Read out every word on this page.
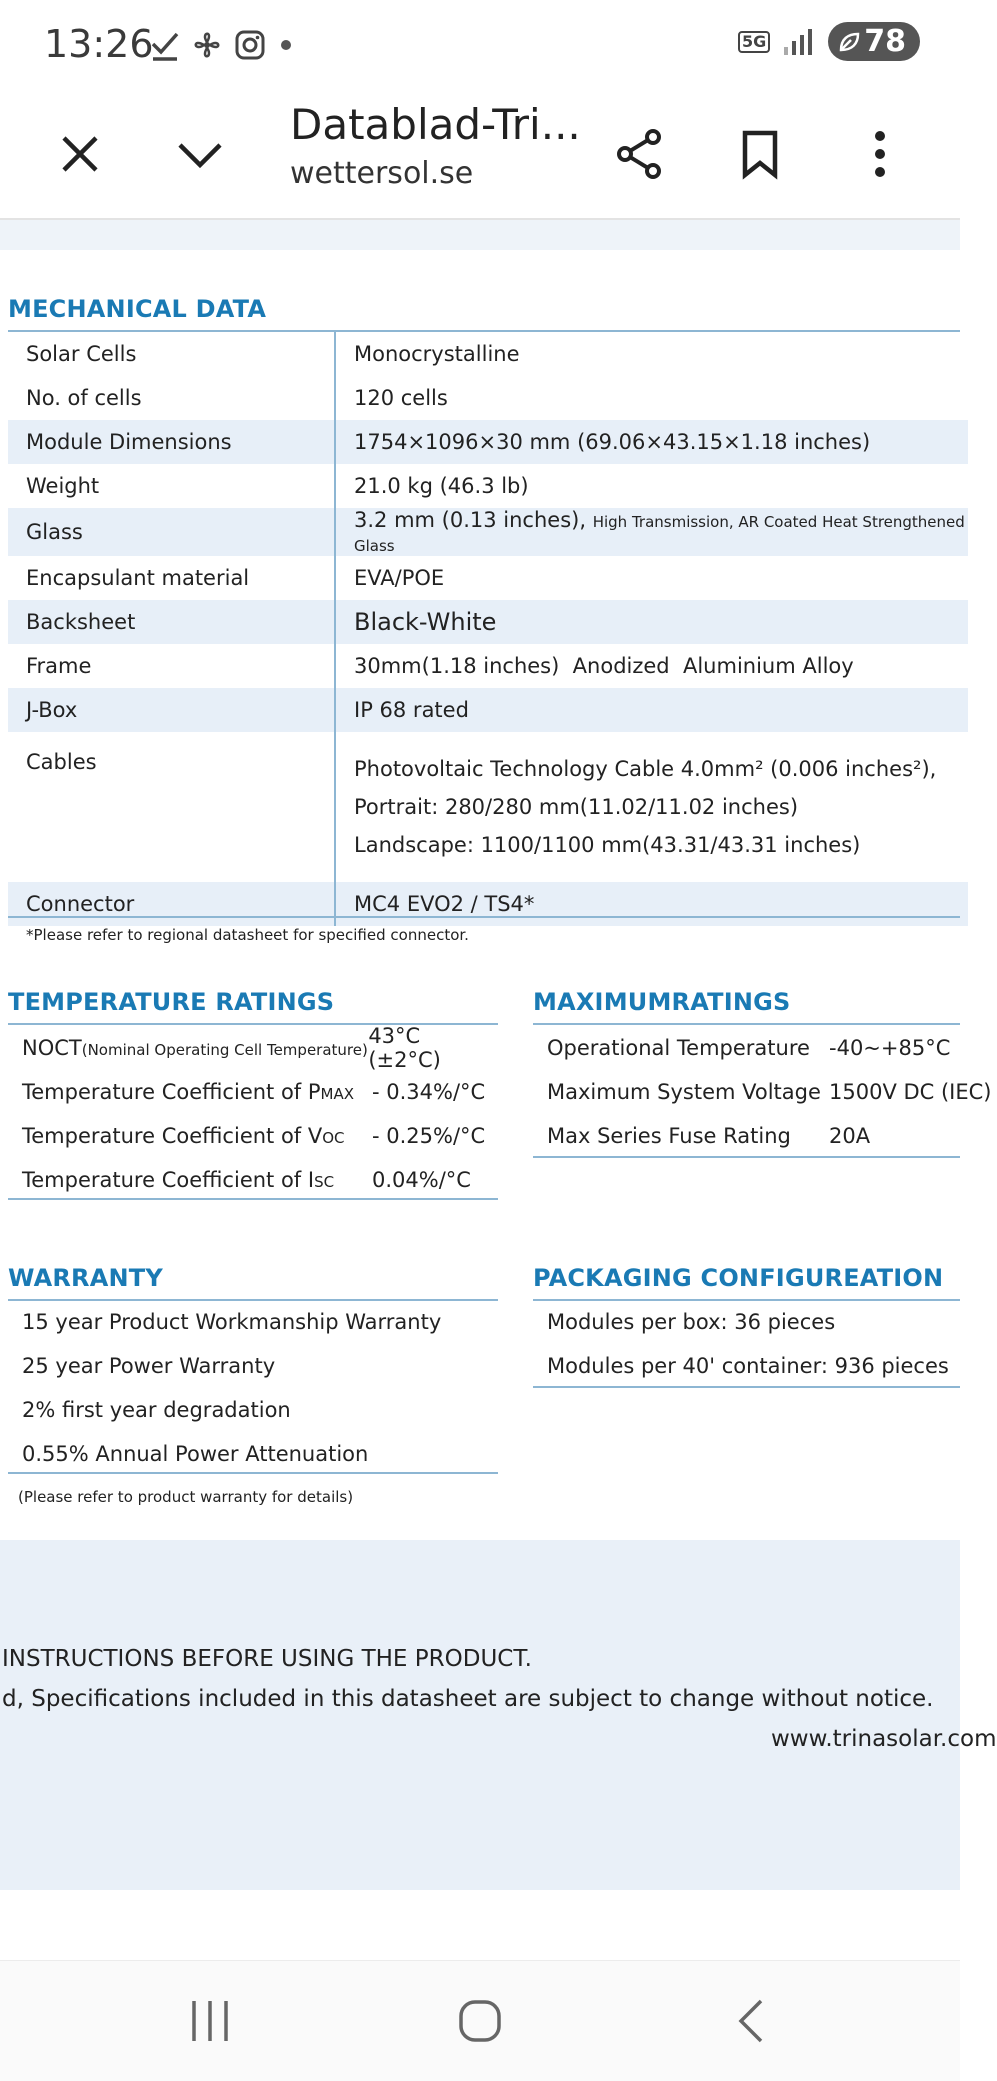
13:26	5G	78
Datablad-Tri...
wettersol.se
MECHANICAL DATA
Solar Cells	Monocrystalline
No. of cells	120 cells
Module Dimensions	1754×1096×30 mm (69.06×43.15×1.18 inches)
Weight	21.0 kg (46.3 lb)
Glass	3.2 mm (0.13 inches), High Transmission, AR Coated Heat Strengthened Glass
Encapsulant material	EVA/POE
Backsheet	Black-White
Frame	30mm(1.18 inches)  Anodized  Aluminium Alloy
J-Box	IP 68 rated
Cables	Photovoltaic Technology Cable 4.0mm² (0.006 inches²),
Portrait: 280/280 mm(11.02/11.02 inches)
Landscape: 1100/1100 mm(43.31/43.31 inches)

Connector	MC4 EVO2 / TS4*
*Please refer to regional datasheet for specified connector.
TEMPERATURE RATINGS
NOCT(Nominal Operating Cell Temperature)
43°C (±2°C)
Temperature Coefficient of PMAX - 0.34%/°C
Temperature Coefficient of VOC	- 0.25%/°C
Temperature Coefficient of ISC	0.04%/°C
MAXIMUMRATINGS
Operational Temperature -40~+85°C
Maximum System Voltage 1500V DC (IEC)
Max Series Fuse Rating	20A
WARRANTY
15 year Product Workmanship Warranty
25 year Power Warranty
2% first year degradation
0.55% Annual Power Attenuation
(Please refer to product warranty for details)
PACKAGING CONFIGUREATION
Modules per box: 36 pieces
Modules per 40' container: 936 pieces
INSTRUCTIONS BEFORE USING THE PRODUCT.
d, Specifications included in this datasheet are subject to change without notice.
www.trinasolar.com
